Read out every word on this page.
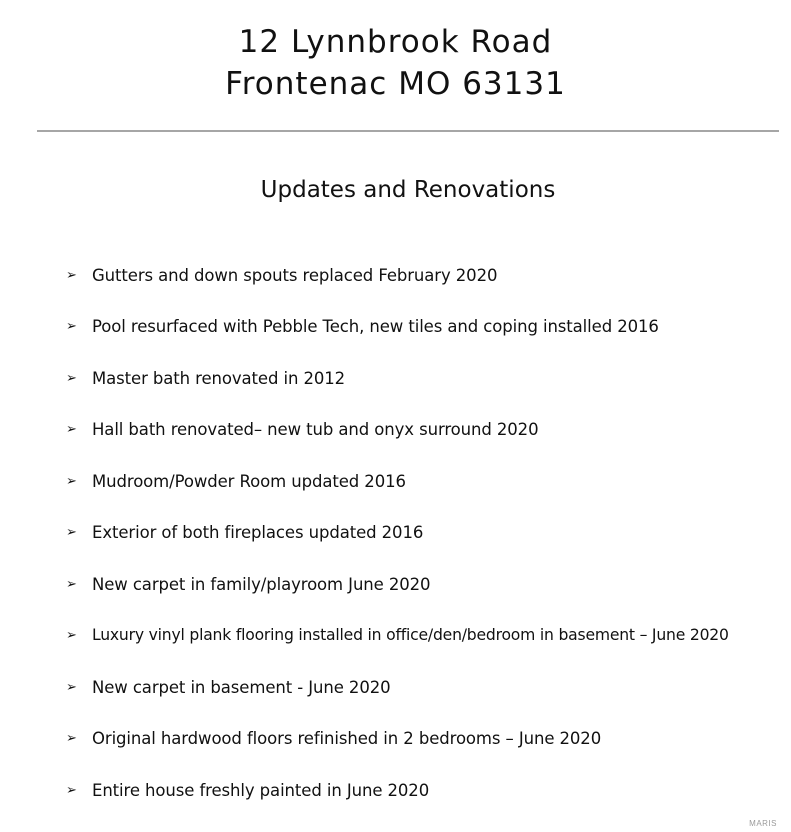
12 Lynnbrook Road
Frontenac MO 63131
Updates and Renovations
➢ Gutters and down spouts replaced February 2020
➢ Pool resurfaced with Pebble Tech, new tiles and coping installed 2016
➢ Master bath renovated in 2012
➢ Hall bath renovated– new tub and onyx surround 2020
➢ Mudroom/Powder Room updated 2016
➢ Exterior of both fireplaces updated 2016
➢ New carpet in family/playroom June 2020
➢ Luxury vinyl plank flooring installed in office/den/bedroom in basement – June 2020
➢ New carpet in basement - June 2020
➢ Original hardwood floors refinished in 2 bedrooms – June 2020
➢ Entire house freshly painted in June 2020
MARIS
